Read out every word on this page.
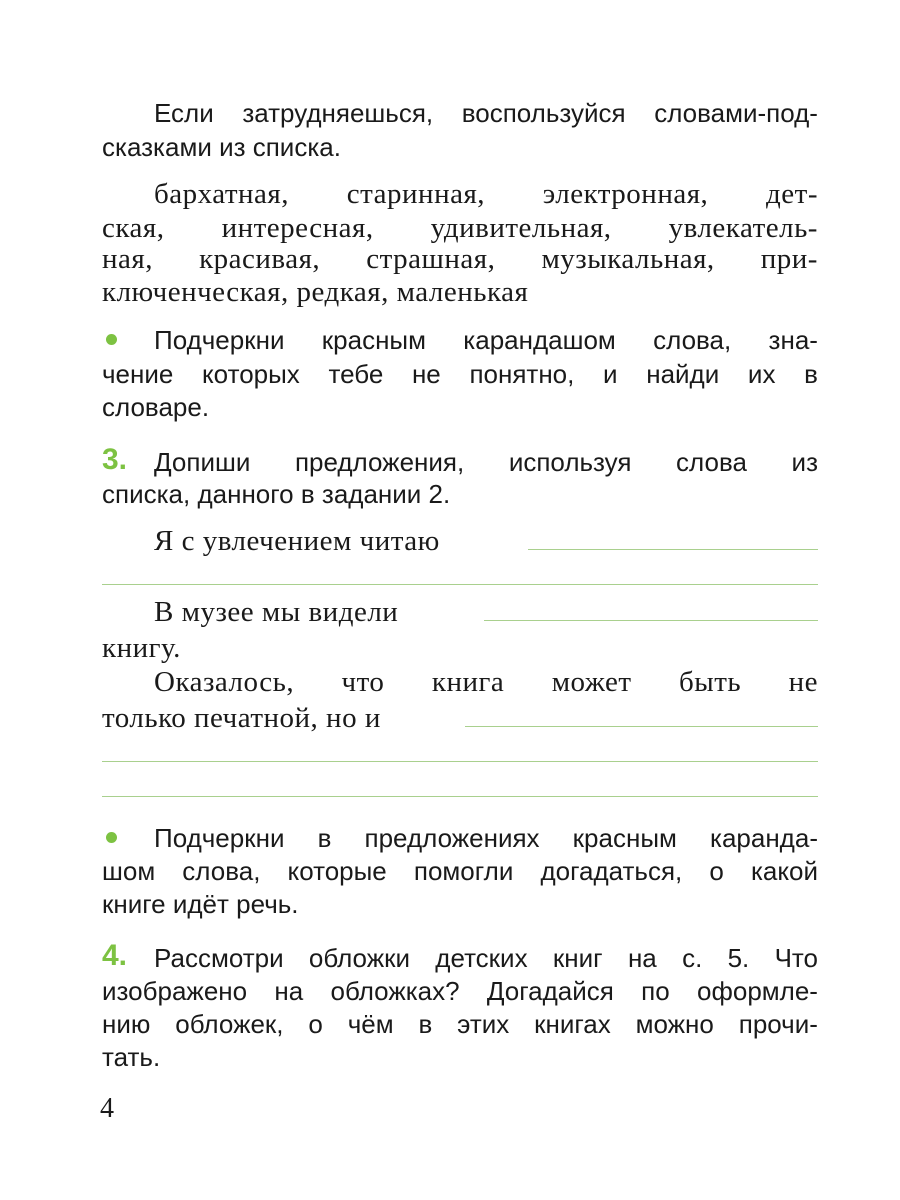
Если затрудняешься, воспользуйся словами-под-
сказками из списка.
бархатная, старинная, электронная, дет-
ская, интересная, удивительная, увлекатель-
ная, красивая, страшная, музыкальная, при-
ключенческая, редкая, маленькая
Подчеркни красным карандашом слова, зна-
чение которых тебе не понятно, и найди их в
словаре.
3. Допиши предложения, используя слова из
списка, данного в задании 2.
Я с увлечением читаю
В музее мы видели
книгу.
Оказалось, что книга может быть не
только печатной, но и
Подчеркни в предложениях красным каранда-
шом слова, которые помогли догадаться, о какой
книге идёт речь.
4. Рассмотри обложки детских книг на с. 5. Что
изображено на обложках? Догадайся по оформле-
нию обложек, о чём в этих книгах можно прочи-
тать.
4
